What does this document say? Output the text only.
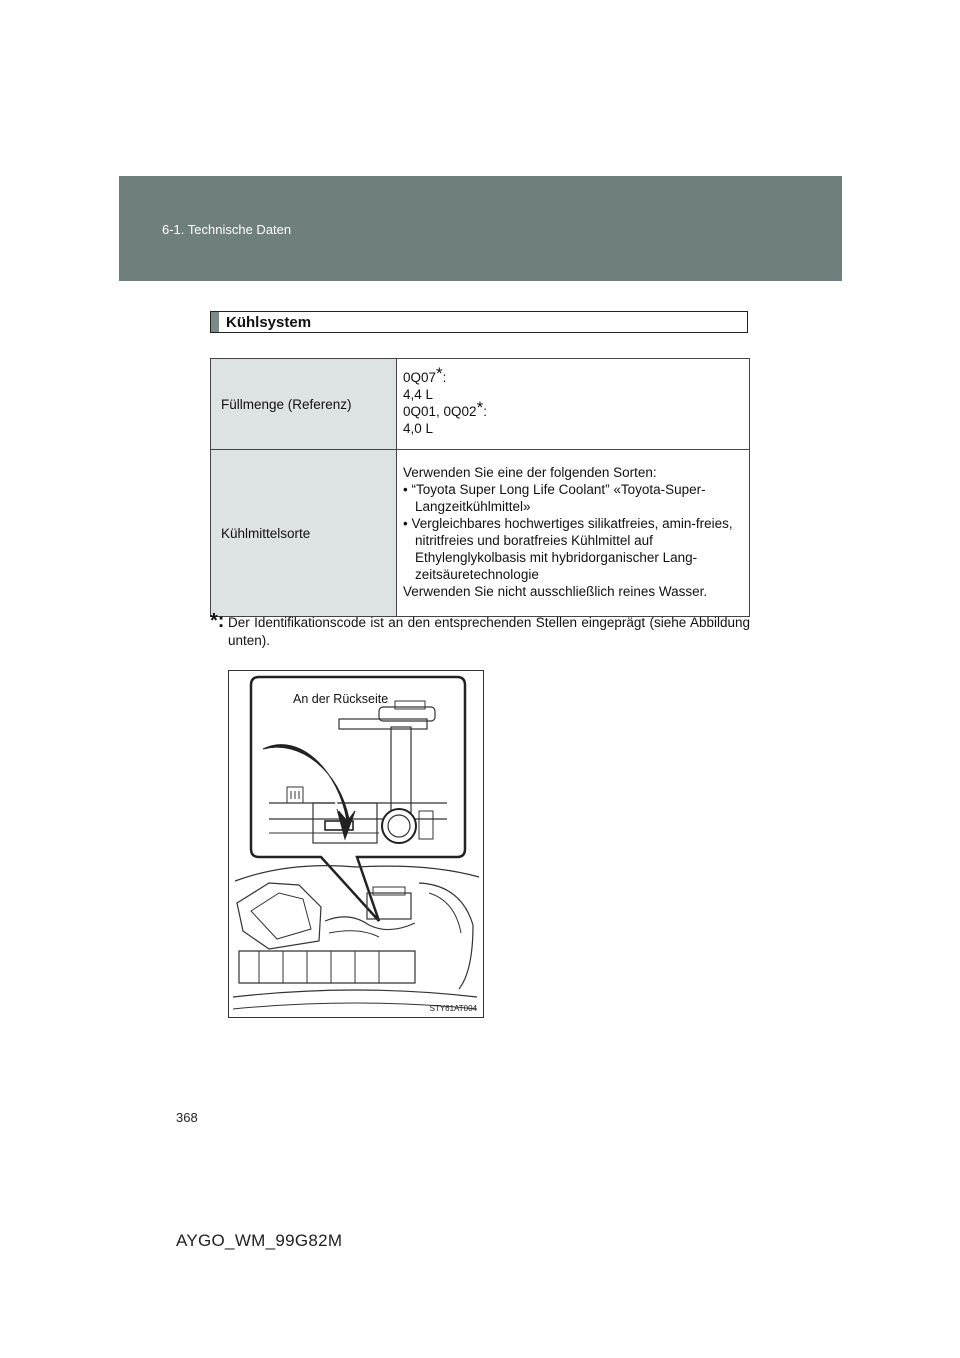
6-1. Technische Daten
Kühlsystem
Füllmenge (Referenz)	0Q07*:
4,4 L
0Q01, 0Q02*:
4,0 L

Kühlmittelsorte	Verwenden Sie eine der folgenden Sorten:
• “Toyota Super Long Life Coolant” «Toyota-Super-Langzeitkühlmittel»
• Vergleichbares hochwertiges silikatfreies, amin-freies, nitritfreies und boratfreies Kühlmittel auf Ethylenglykolbasis mit hybridorganischer Lang-zeitsäuretechnologie
Verwenden Sie nicht ausschließlich reines Wasser.
*: Der Identifikationscode ist an den entsprechenden Stellen eingeprägt (siehe Abbildung unten).
An der Rückseite
STY61AT004
368
AYGO_WM_99G82M
